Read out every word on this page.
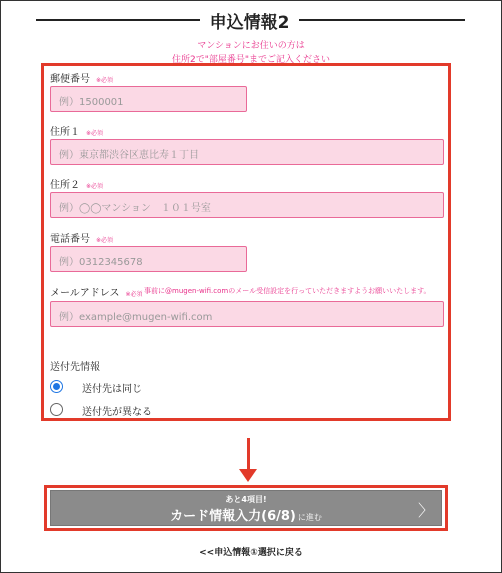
申込情報2
マンションにお住いの方は
住所2で"部屋番号"までご記入ください
郵便番号 ※必須
例）1500001
住所１ ※必須
例）東京都渋谷区恵比寿１丁目
住所２ ※必須
例）◯◯マンション　１０１号室
電話番号 ※必須
例）0312345678
メールアドレス ※必須 事前に@mugen-wifi.comのメール受信設定を行っていただきますようお願いいたします。
例）example@mugen-wifi.com
送付先情報
送付先は同じ
送付先が異なる
あと4項目!
カード情報入力(6/8) に進む	〉
<<申込情報①選択に戻る
